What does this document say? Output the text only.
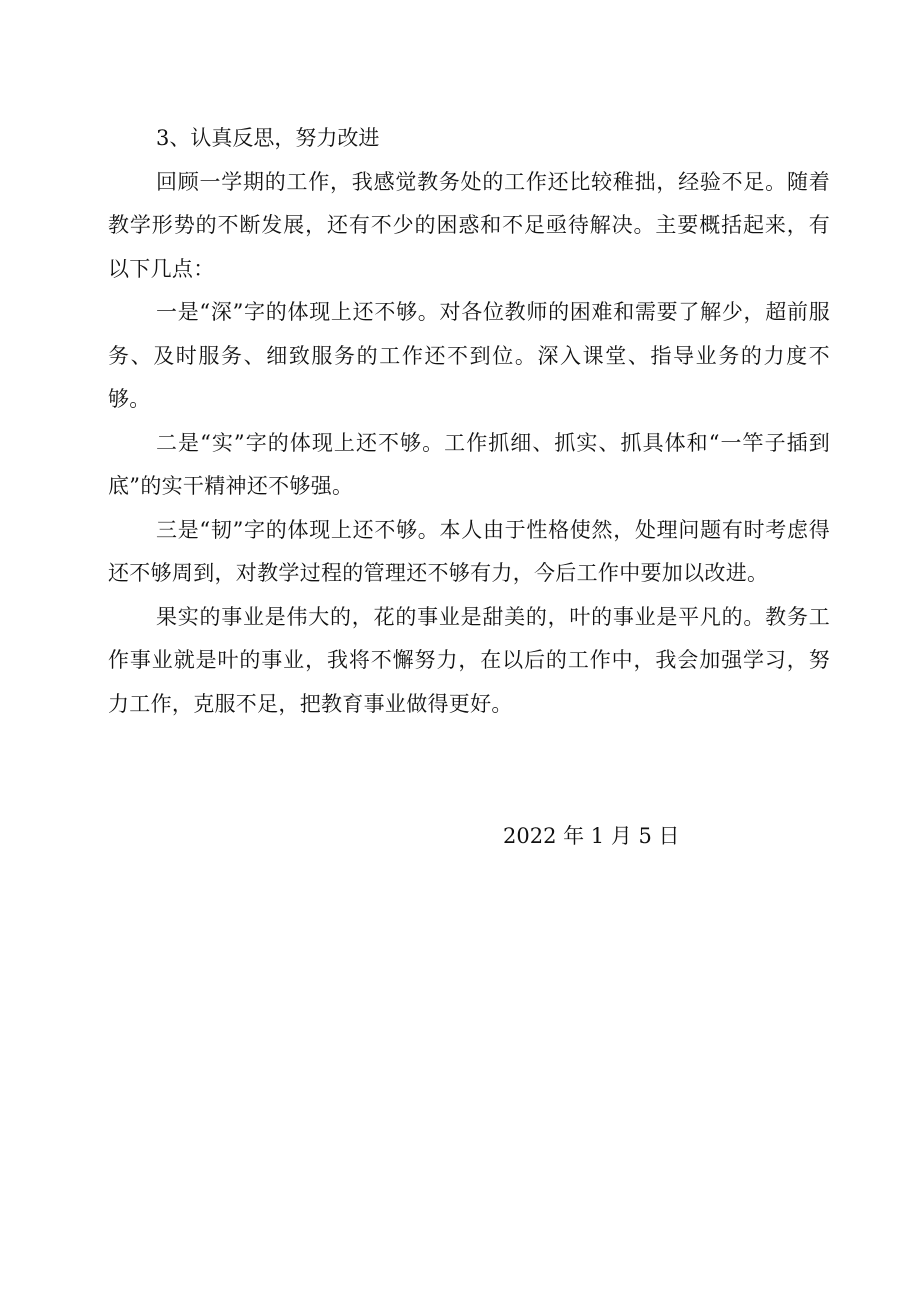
3、认真反思，努力改进

回顾一学期的工作，我感觉教务处的工作还比较稚拙，经验不足。随着教学形势的不断发展，还有不少的困惑和不足亟待解决。主要概括起来，有以下几点：

一是“深”字的体现上还不够。对各位教师的困难和需要了解少，超前服务、及时服务、细致服务的工作还不到位。深入课堂、指导业务的力度不够。

二是“实”字的体现上还不够。工作抓细、抓实、抓具体和“一竿子插到底”的实干精神还不够强。

三是“韧”字的体现上还不够。本人由于性格使然，处理问题有时考虑得还不够周到，对教学过程的管理还不够有力，今后工作中要加以改进。

果实的事业是伟大的，花的事业是甜美的，叶的事业是平凡的。教务工作事业就是叶的事业，我将不懈努力，在以后的工作中，我会加强学习，努力工作，克服不足，把教育事业做得更好。

2022 年 1 月 5 日
